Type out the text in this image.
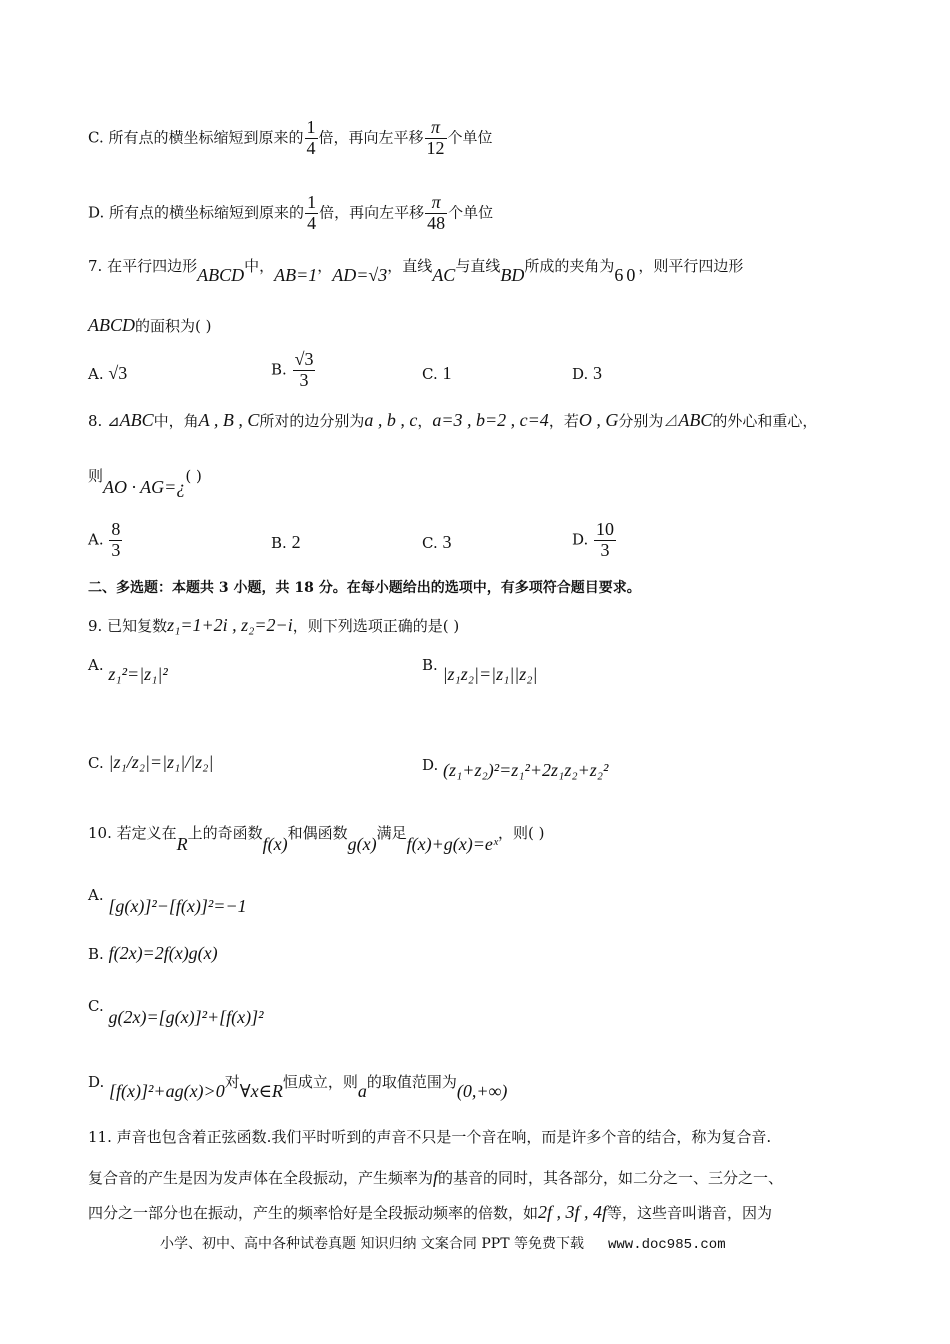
C. 所有点的横坐标缩短到原来的 $\frac{1}{4}$ 倍，再向左平移 $\frac{\pi}{12}$ 个单位
D. 所有点的横坐标缩短到原来的 $\frac{1}{4}$ 倍，再向左平移 $\frac{\pi}{48}$ 个单位
7. 在平行四边形ABCD中，AB=1，AD=√3，直线AC与直线BD所成的夹角为60，则平行四边形
ABCD的面积为( )
A. √3	B. $\frac{√3}{3}$	C. 1	D. 3
8. ⊿ABC中，角A , B , C所对的边分别为a , b , c，a=3 , b=2 , c=4，若O , G分别为⊿ABC的外心和重心，
则AO · AG=¿( )
A. $\frac{8}{3}$	B. 2	C. 3	D. $\frac{10}{3}$
二、多选题：本题共 3 小题，共 18 分。在每小题给出的选项中，有多项符合题目要求。
9. 已知复数z₁=1+2i , z₂=2−i，则下列选项正确的是( )
A. z₁²=|z₁|²	B. |z₁z₂|=|z₁||z₂|
C. |z₁/z₂|=|z₁|/|z₂|	D. (z₁+z₂)²=z₁²+2z₁z₂+z₂²
10. 若定义在R上的奇函数f(x)和偶函数g(x)满足f(x)+g(x)=eˣ，则( )
A. [g(x)]²−[f(x)]²=−1
B. f(2x)=2f(x)g(x)
C. g(2x)=[g(x)]²+[f(x)]²
D. [f(x)]²+ag(x)>0对∀x∈R恒成立，则a的取值范围为(0,+∞)
11. 声音也包含着正弦函数.我们平时听到的声音不只是一个音在响，而是许多个音的结合，称为复合音.
复合音的产生是因为发声体在全段振动，产生频率为f的基音的同时，其各部分，如二分之一、三分之一、
四分之一部分也在振动，产生的频率恰好是全段振动频率的倍数，如2f , 3f , 4f等，这些音叫谐音，因为
小学、初中、高中各种试卷真题 知识归纳 文案合同 PPT 等免费下载 www.doc985.com
